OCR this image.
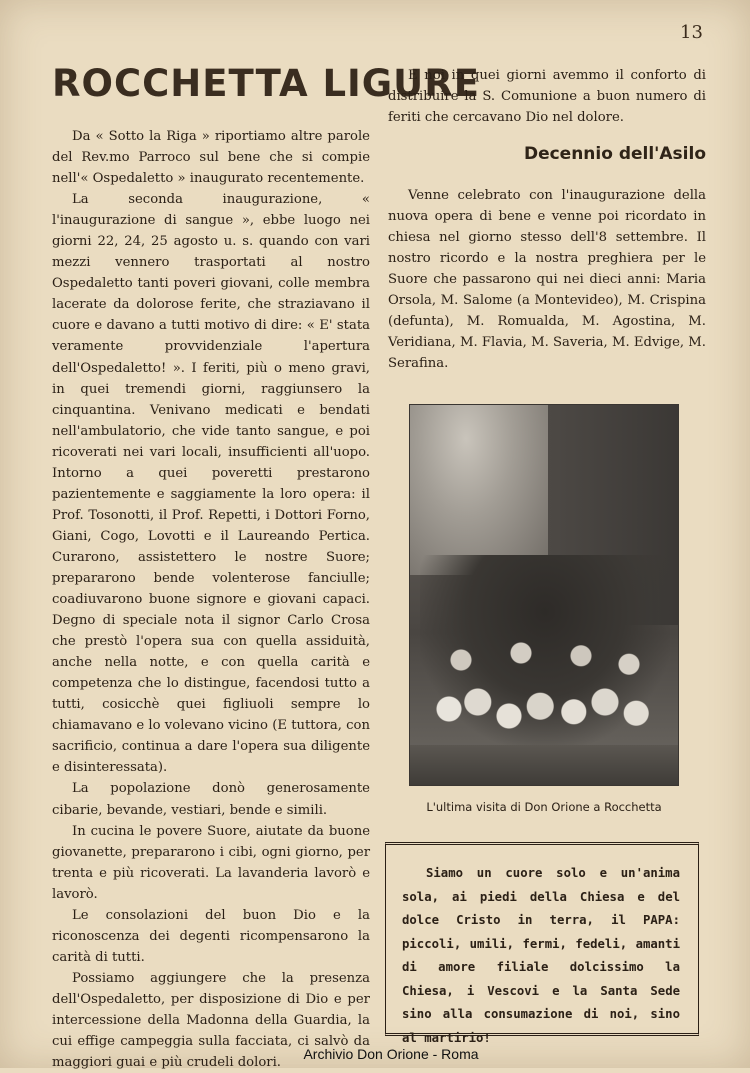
13
ROCCHETTA LIGURE

Da « Sotto la Riga » riportiamo altre parole del Rev.mo Parroco sul bene che si compie nell'« Ospedaletto » inaugurato recentemente.

La seconda inaugurazione, « l'inaugurazione di sangue », ebbe luogo nei giorni 22, 24, 25 agosto u. s. quando con vari mezzi vennero trasportati al nostro Ospedaletto tanti poveri giovani, colle membra lacerate da dolorose ferite, che straziavano il cuore e davano a tutti motivo di dire: « E' stata veramente provvidenziale l'apertura dell'Ospedaletto! ». I feriti, più o meno gravi, in quei tremendi giorni, raggiunsero la cinquantina. Venivano medicati e bendati nell'ambulatorio, che vide tanto sangue, e poi ricoverati nei vari locali, insufficienti all'uopo. Intorno a quei poveretti prestarono pazientemente e saggiamente la loro opera: il Prof. Tosonotti, il Prof. Repetti, i Dottori Forno, Giani, Cogo, Lovotti e il Laureando Pertica. Curarono, assistettero le nostre Suore; prepararono bende volenterose fanciulle; coadiuvarono buone signore e giovani capaci. Degno di speciale nota il signor Carlo Crosa che prestò l'opera sua con quella assiduità, anche nella notte, e con quella carità e competenza che lo distingue, facendosi tutto a tutti, cosicchè quei figliuoli sempre lo chiamavano e lo volevano vicino (E tuttora, con sacrificio, continua a dare l'opera sua diligente e disinteressata).

La popolazione donò generosamente cibarie, bevande, vestiari, bende e simili.

In cucina le povere Suore, aiutate da buone giovanette, prepararono i cibi, ogni giorno, per trenta e più ricoverati. La lavanderia lavorò e lavorò.

Le consolazioni del buon Dio e la riconoscenza dei degenti ricompensarono la carità di tutti.

Possiamo aggiungere che la presenza dell'Ospedaletto, per disposizione di Dio e per intercessione della Madonna della Guardia, la cui effige campeggia sulla facciata, ci salvò da maggiori guai e più crudeli dolori.

E noi in quei giorni avemmo il conforto di distribuire la S. Comunione a buon numero di feriti che cercavano Dio nel dolore.

Decennio dell'Asilo

Venne celebrato con l'inaugurazione della nuova opera di bene e venne poi ricordato in chiesa nel giorno stesso dell'8 settembre. Il nostro ricordo e la nostra preghiera per le Suore che passarono qui nei dieci anni: Maria Orsola, M. Salome (a Montevideo), M. Crispina (defunta), M. Romualda, M. Agostina, M. Veridiana, M. Flavia, M. Saveria, M. Edvige, M. Serafina.

L'ultima visita di Don Orione a Rocchetta

Siamo un cuore solo e un'anima sola, ai piedi della Chiesa e del dolce Cristo in terra, il PAPA: piccoli, umili, fermi, fedeli, amanti di amore filiale dolcissimo la Chiesa, i Vescovi e la Santa Sede sino alla consumazione di noi, sino al martirio!

Archivio Don Orione - Roma
